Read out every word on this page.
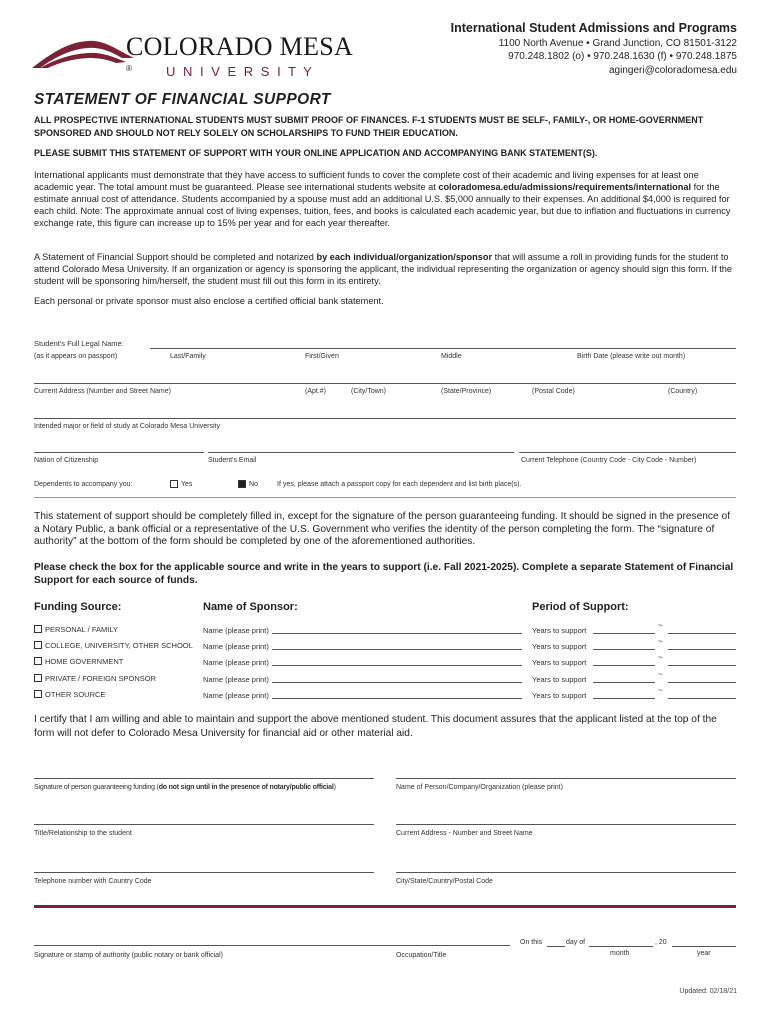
COLORADO MESA
®	U N I V E R S I T Y
International Student Admissions and Programs
1100 North Avenue • Grand Junction, CO 81501-3122
970.248.1802 (o) • 970.248.1630 (f) • 970.248.1875
agingeri@coloradomesa.edu
STATEMENT OF FINANCIAL SUPPORT
ALL PROSPECTIVE INTERNATIONAL STUDENTS MUST SUBMIT PROOF OF FINANCES. F-1 STUDENTS MUST BE SELF-, FAMILY-, OR HOME-GOVERNMENT SPONSORED AND SHOULD NOT RELY SOLELY ON SCHOLARSHIPS TO FUND THEIR EDUCATION.
PLEASE SUBMIT THIS STATEMENT OF SUPPORT WITH YOUR ONLINE APPLICATION AND ACCOMPANYING BANK STATEMENT(S).
International applicants must demonstrate that they have access to sufficient funds to cover the complete cost of their academic and living expenses for at least one academic year. The total amount must be guaranteed. Please see international students website at coloradomesa.edu/admissions/requirements/international for the estimate annual cost of attendance. Students accompanied by a spouse must add an additional U.S. $5,000 annually to their expenses. An additional $4,000 is required for each child. Note: The approximate annual cost of living expenses, tuition, fees, and books is calculated each academic year, but due to inflation and fluctuations in currency exchange rate, this figure can increase up to 15% per year and for each year thereafter.
A Statement of Financial Support should be completed and notarized by each individual/organization/sponsor that will assume a roll in providing funds for the student to attend Colorado Mesa University. If an organization or agency is sponsoring the applicant, the individual representing the organization or agency should sign this form. If the student will be sponsoring him/herself, the student must fill out this form in its entirety.
Each personal or private sponsor must also enclose a certified official bank statement.
Student's Full Legal Name:
(as it appears on passport)	Last/Family	First/Given	Middle	Birth Date (please write out month)
Current Address (Number and Street Name)	(Apt.#)	(City/Town)	(State/Province)	(Postal Code)	(Country)
Intended major or field of study at Colorado Mesa University
Nation of Citizenship	Student's Email	Current Telephone (Country Code - City Code - Number)
Dependents to accompany you:	Yes	No	If yes, please attach a passport copy for each dependent and list birth place(s).
This statement of support should be completely filled in, except for the signature of the person guaranteeing funding. It should be signed in the presence of a Notary Public, a bank official or a representative of the U.S. Government who verifies the identity of the person completing the form. The “signature of authority” at the bottom of the form should be completed by one of the aforementioned authorities.
Please check the box for the applicable source and write in the years to support (i.e. Fall 2021-2025). Complete a separate Statement of Financial Support for each source of funds.
Funding Source:	Name of Sponsor:	Period of Support:
PERSONAL / FAMILY	Name (please print)	Years to support
~
COLLEGE, UNIVERSITY, OTHER SCHOOL Name (please print)	Years to support
~
HOME GOVERNMENT	Name (please print)	Years to support
~
PRIVATE / FOREIGN SPONSOR	Name (please print)	Years to support
~
OTHER SOURCE	Name (please print)	Years to support
~
I certify that I am willing and able to maintain and support the above mentioned student. This document assures that the applicant listed at the top of the form will not defer to Colorado Mesa University for financial aid or other material aid.
Signature of person guaranteeing funding (do not sign until in the presence of notary/public official)	Name of Person/Company/Organization (please print)
Title/Relationship to the student	Current Address - Number and Street Name
Telephone number with Country Code	City/State/Country/Postal Code
On this	day of	, 20
month	year
Signature or stamp of authority (public notary or bank official)	Occupation/Title
Updated: 02/18/21
